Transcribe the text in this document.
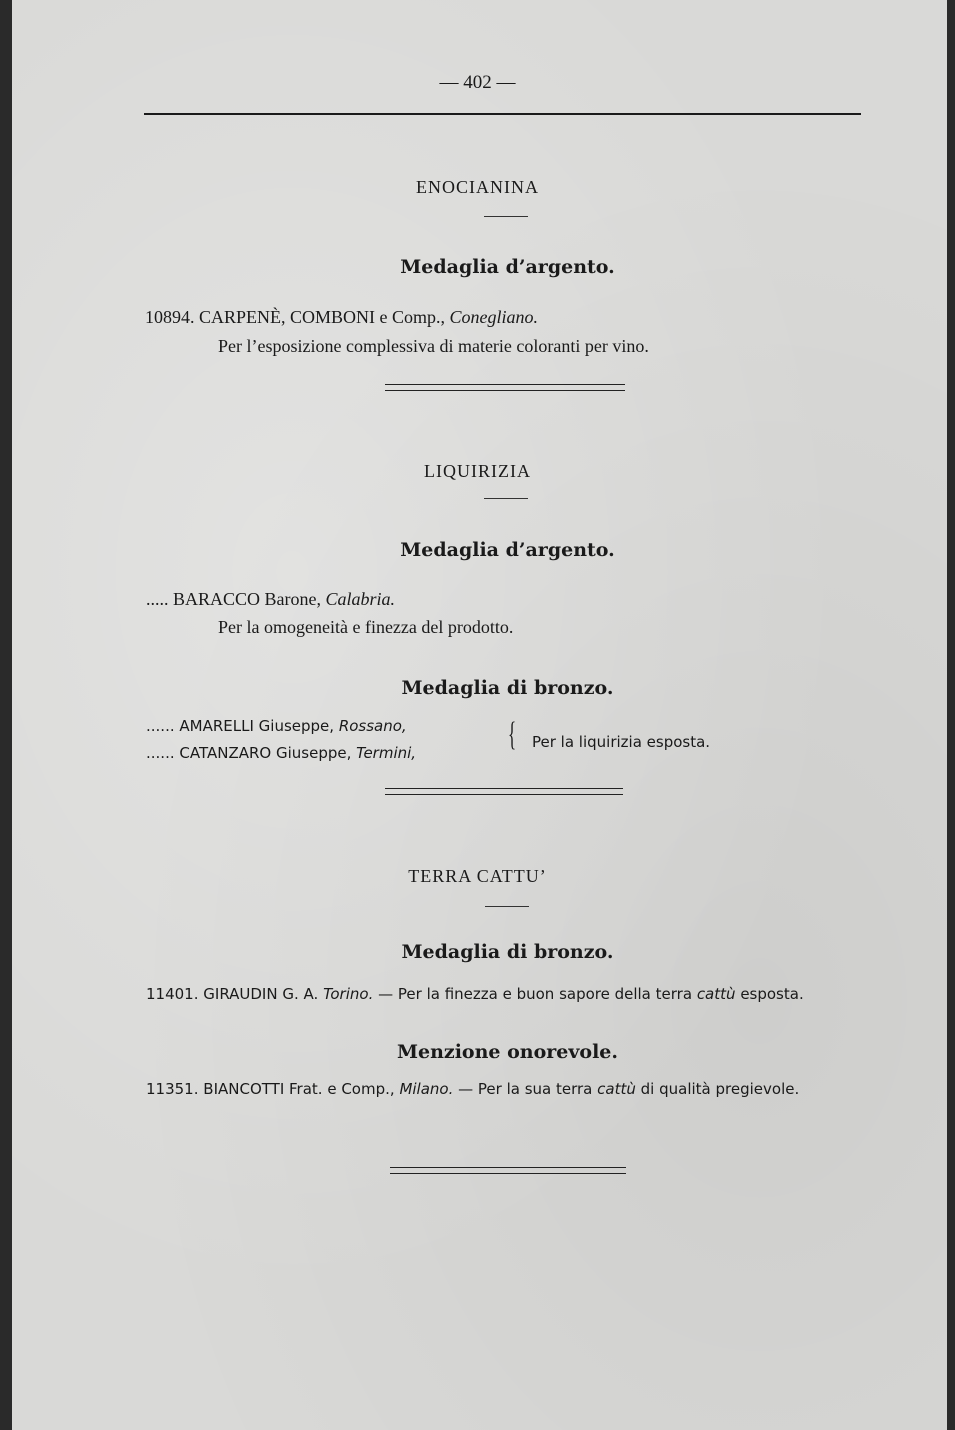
— 402 —
ENOCIANINA
Medaglia d’argento.
10894. CARPENÈ, COMBONI e Comp., Conegliano.
Per l’esposizione complessiva di materie coloranti per vino.
LIQUIRIZIA
Medaglia d’argento.
..... BARACCO Barone, Calabria.
Per la omogeneità e finezza del prodotto.
Medaglia di bronzo.
...... AMARELLI Giuseppe, Rossano,
...... CATANZARO Giuseppe, Termini,	{ Per la liquirizia esposta.
TERRA CATTU’
Medaglia di bronzo.
11401. GIRAUDIN G. A. Torino. — Per la finezza e buon sapore della terra cattù esposta.
Menzione onorevole.
11351. BIANCOTTI Frat. e Comp., Milano. — Per la sua terra cattù di qualità pregievole.
